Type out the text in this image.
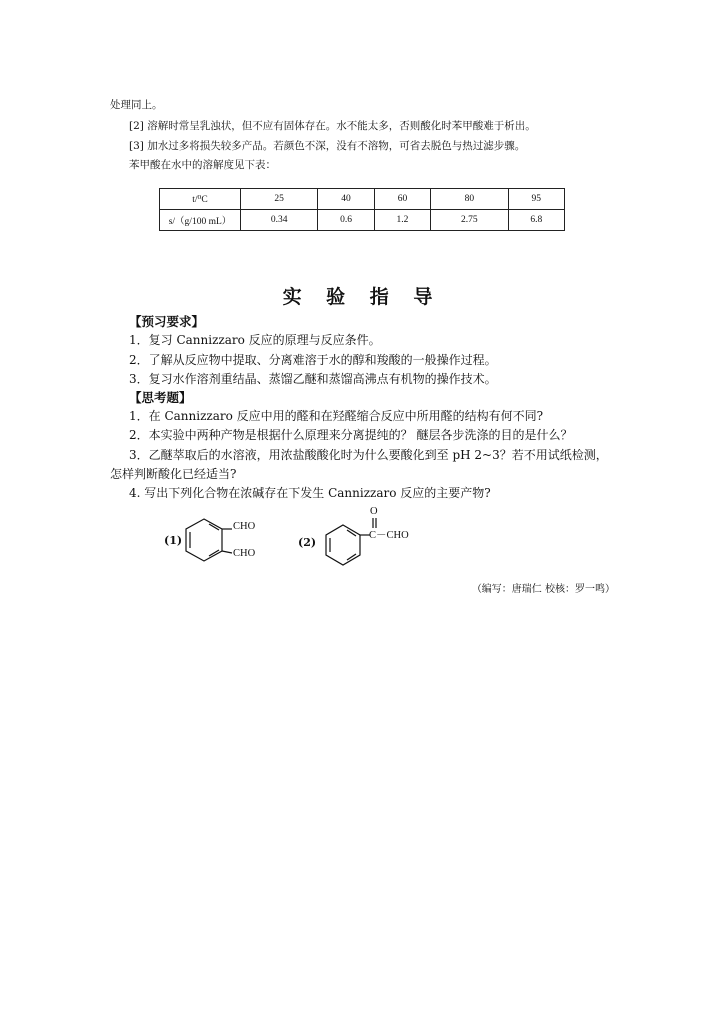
处理同上。
[2] 溶解时常呈乳浊状，但不应有固体存在。水不能太多，否则酸化时苯甲酸难于析出。
[3] 加水过多将损失较多产品。若颜色不深，没有不溶物，可省去脱色与热过滤步骤。
苯甲酸在水中的溶解度见下表：
t/⁰C	25	40	60	80	95
s/（g/100 mL）	0.34	0.6	1.2	2.75	6.8
实 验 指 导
【预习要求】
1．复习 Cannizzaro 反应的原理与反应条件。
2．了解从反应物中提取、分离难溶于水的醇和羧酸的一般操作过程。
3．复习水作溶剂重结晶、蒸馏乙醚和蒸馏高沸点有机物的操作技术。
【思考题】
1．在 Cannizzaro 反应中用的醛和在羟醛缩合反应中所用醛的结构有何不同?
2．本实验中两种产物是根据什么原理来分离提纯的？ 醚层各步洗涤的目的是什么？
3．乙醚萃取后的水溶液，用浓盐酸酸化时为什么要酸化到至 pH 2~3？若不用试纸检测，
怎样判断酸化已经适当?
4. 写出下列化合物在浓碱存在下发生 Cannizzaro 反应的主要产物?
(1)
CHO
CHO
(2)
O
C－CHO
（编写：唐瑞仁 校核：罗一鸣）
